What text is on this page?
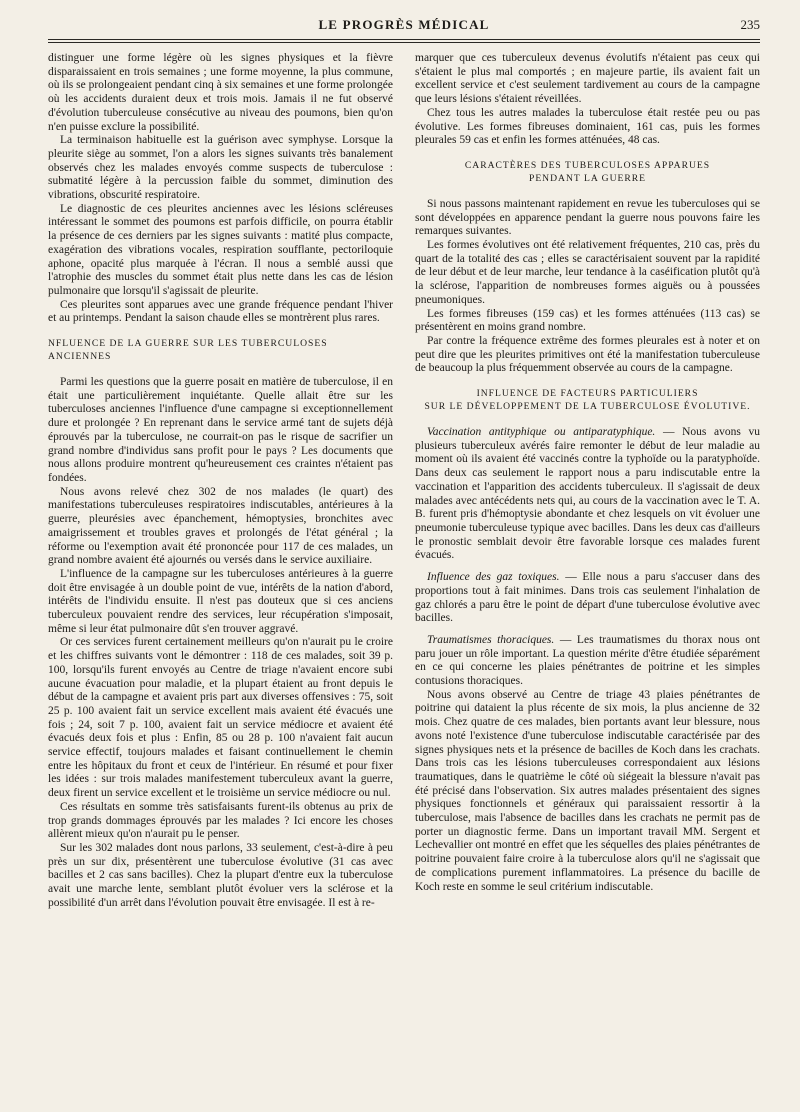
LE PROGRÈS MÉDICAL	235

distinguer une forme légère où les signes physiques et la fièvre disparaissaient en trois semaines ; une forme moyenne, la plus commune, où ils se prolongeaient pendant cinq à six semaines et une forme prolongée où les accidents duraient deux et trois mois. Jamais il ne fut observé d'évolution tuberculeuse consécutive au niveau des poumons, bien qu'on n'en puisse exclure la possibilité.

La terminaison habituelle est la guérison avec symphyse. Lorsque la pleurite siège au sommet, l'on a alors les signes suivants très banalement observés chez les malades envoyés comme suspects de tuberculose : submatité légère à la percussion faible du sommet, diminution des vibrations, obscurité respiratoire.

Le diagnostic de ces pleurites anciennes avec les lésions scléreuses intéressant le sommet des poumons est parfois difficile, on pourra établir la présence de ces derniers par les signes suivants : matité plus compacte, exagération des vibrations vocales, respiration soufflante, pectoriloquie aphone, opacité plus marquée à l'écran. Il nous a semblé aussi que l'atrophie des muscles du sommet était plus nette dans les cas de lésion pulmonaire que lorsqu'il s'agissait de pleurite.

Ces pleurites sont apparues avec une grande fréquence pendant l'hiver et au printemps. Pendant la saison chaude elles se montrèrent plus rares.

NFLUENCE DE LA GUERRE SUR LES TUBERCULOSES ANCIENNES

Parmi les questions que la guerre posait en matière de tuberculose, il en était une particulièrement inquiétante. Quelle allait être sur les tuberculoses anciennes l'influence d'une campagne si exceptionnellement dure et prolongée ? En reprenant dans le service armé tant de sujets déjà éprouvés par la tuberculose, ne courrait-on pas le risque de sacrifier un grand nombre d'individus sans profit pour le pays ? Les documents que nous allons produire montrent qu'heureusement ces craintes n'étaient pas fondées.

Nous avons relevé chez 302 de nos malades (le quart) des manifestations tuberculeuses respiratoires indiscutables, antérieures à la guerre, pleurésies avec épanchement, hémoptysies, bronchites avec amaigrissement et troubles graves et prolongés de l'état général ; la réforme ou l'exemption avait été prononcée pour 117 de ces malades, un grand nombre avaient été ajournés ou versés dans le service auxiliaire.

L'influence de la campagne sur les tuberculoses antérieures à la guerre doit être envisagée à un double point de vue, intérêts de la nation d'abord, intérêts de l'individu ensuite. Il n'est pas douteux que si ces anciens tuberculeux pouvaient rendre des services, leur récupération s'imposait, même si leur état pulmonaire dût s'en trouver aggravé.

Or ces services furent certainement meilleurs qu'on n'aurait pu le croire et les chiffres suivants vont le démontrer : 118 de ces malades, soit 39 p. 100, lorsqu'ils furent envoyés au Centre de triage n'avaient encore subi aucune évacuation pour maladie, et la plupart étaient au front depuis le début de la campagne et avaient pris part aux diverses offensives : 75, soit 25 p. 100 avaient fait un service excellent mais avaient été évacués une fois ; 24, soit 7 p. 100, avaient fait un service médiocre et avaient été évacués deux fois et plus : Enfin, 85 ou 28 p. 100 n'avaient fait aucun service effectif, toujours malades et faisant continuellement le chemin entre les hôpitaux du front et ceux de l'intérieur. En résumé et pour fixer les idées : sur trois malades manifestement tuberculeux avant la guerre, deux firent un service excellent et le troisième un service médiocre ou nul.

Ces résultats en somme très satisfaisants furent-ils obtenus au prix de trop grands dommages éprouvés par les malades ? Ici encore les choses allèrent mieux qu'on n'aurait pu le penser.

Sur les 302 malades dont nous parlons, 33 seulement, c'est-à-dire à peu près un sur dix, présentèrent une tuberculose évolutive (31 cas avec bacilles et 2 cas sans bacilles). Chez la plupart d'entre eux la tuberculose avait une marche lente, semblant plutôt évoluer vers la sclérose et la possibilité d'un arrêt dans l'évolution pouvait être envisagée. Il est à re-

marquer que ces tuberculeux devenus évolutifs n'étaient pas ceux qui s'étaient le plus mal comportés ; en majeure partie, ils avaient fait un excellent service et c'est seulement tardivement au cours de la campagne que leurs lésions s'étaient réveillées.

Chez tous les autres malades la tuberculose était restée peu ou pas évolutive. Les formes fibreuses dominaient, 161 cas, puis les formes pleurales 59 cas et enfin les formes atténuées, 48 cas.

CARACTÈRES DES TUBERCULOSES APPARUES
PENDANT LA GUERRE

Si nous passons maintenant rapidement en revue les tuberculoses qui se sont développées en apparence pendant la guerre nous pouvons faire les remarques suivantes.

Les formes évolutives ont été relativement fréquentes, 210 cas, près du quart de la totalité des cas ; elles se caractérisaient souvent par la rapidité de leur début et de leur marche, leur tendance à la caséification plutôt qu'à la sclérose, l'apparition de nombreuses formes aiguës ou à poussées pneumoniques.

Les formes fibreuses (159 cas) et les formes atténuées (113 cas) se présentèrent en moins grand nombre.

Par contre la fréquence extrême des formes pleurales est à noter et on peut dire que les pleurites primitives ont été la manifestation tuberculeuse de beaucoup la plus fréquemment observée au cours de la campagne.

INFLUENCE DE FACTEURS PARTICULIERS
SUR LE DÉVELOPPEMENT DE LA TUBERCULOSE ÉVOLUTIVE.

Vaccination antityphique ou antiparatyphique. — Nous avons vu plusieurs tuberculeux avérés faire remonter le début de leur maladie au moment où ils avaient été vaccinés contre la typhoïde ou la paratyphoïde. Dans deux cas seulement le rapport nous a paru indiscutable entre la vaccination et l'apparition des accidents tuberculeux. Il s'agissait de deux malades avec antécédents nets qui, au cours de la vaccination avec le T. A. B. furent pris d'hémoptysie abondante et chez lesquels on vit évoluer une pneumonie tuberculeuse typique avec bacilles. Dans les deux cas d'ailleurs le pronostic semblait devoir être favorable lorsque ces malades furent évacués.

Influence des gaz toxiques. — Elle nous a paru s'accuser dans des proportions tout à fait minimes. Dans trois cas seulement l'inhalation de gaz chlorés a paru être le point de départ d'une tuberculose évolutive avec bacilles.

Traumatismes thoraciques. — Les traumatismes du thorax nous ont paru jouer un rôle important. La question mérite d'être étudiée séparément en ce qui concerne les plaies pénétrantes de poitrine et les simples contusions thoraciques.

Nous avons observé au Centre de triage 43 plaies pénétrantes de poitrine qui dataient la plus récente de six mois, la plus ancienne de 32 mois. Chez quatre de ces malades, bien portants avant leur blessure, nous avons noté l'existence d'une tuberculose indiscutable caractérisée par des signes physiques nets et la présence de bacilles de Koch dans les crachats. Dans trois cas les lésions tuberculeuses correspondaient aux lésions traumatiques, dans le quatrième le côté où siégeait la blessure n'avait pas été précisé dans l'observation. Six autres malades présentaient des signes physiques fonctionnels et généraux qui paraissaient ressortir à la tuberculose, mais l'absence de bacilles dans les crachats ne permit pas de porter un diagnostic ferme. Dans un important travail MM. Sergent et Lechevallier ont montré en effet que les séquelles des plaies pénétrantes de poitrine pouvaient faire croire à la tuberculose alors qu'il ne s'agissait que de complications purement inflammatoires. La présence du bacille de Koch reste en somme le seul critérium indiscutable.
